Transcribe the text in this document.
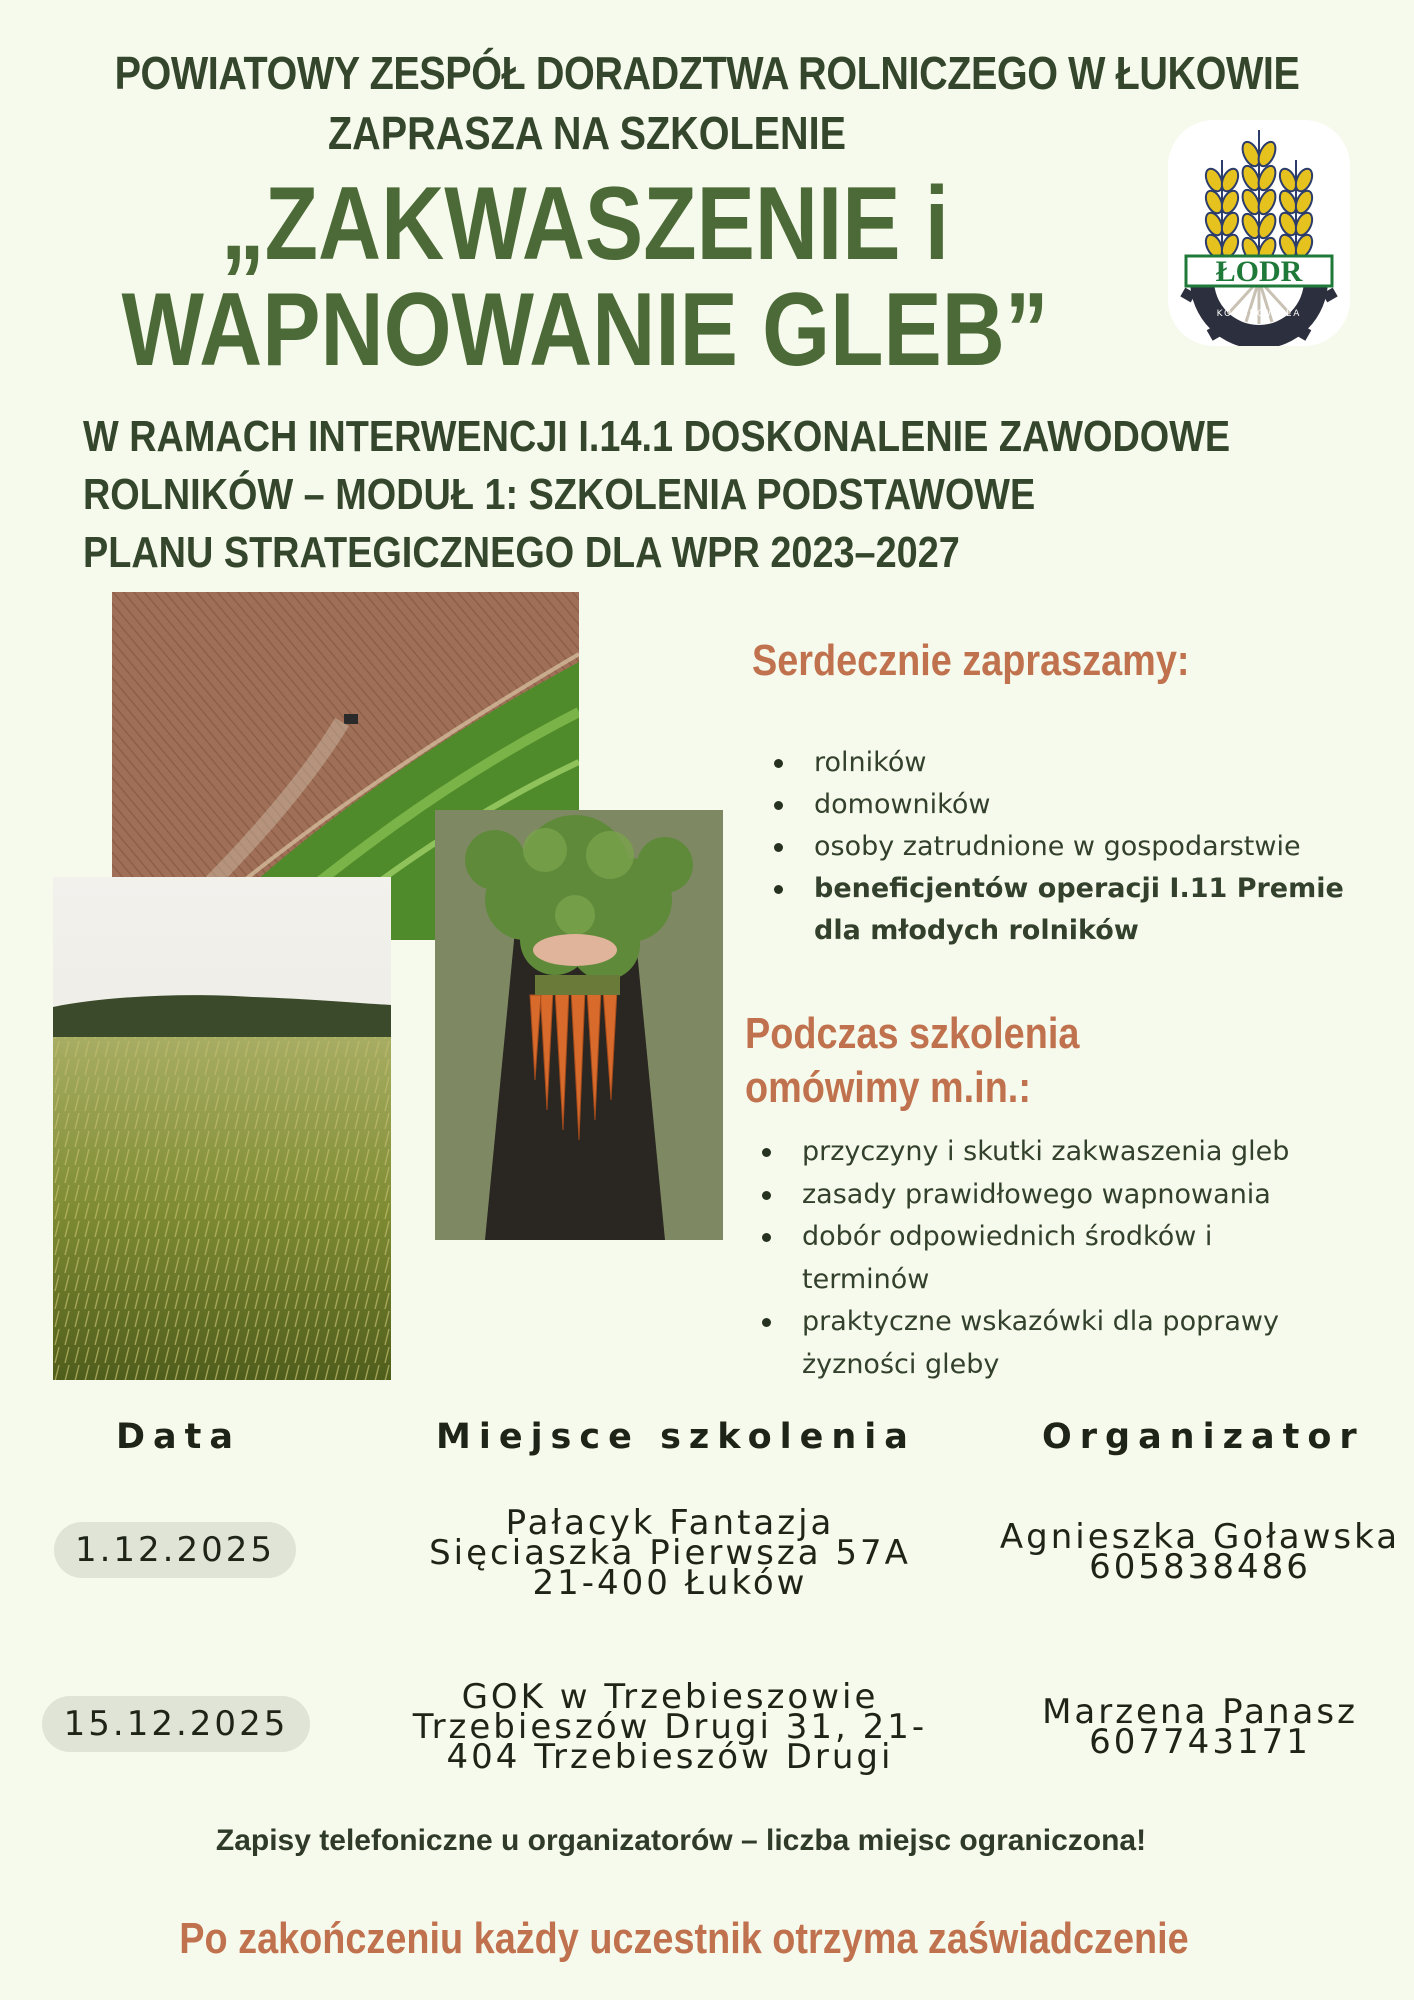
POWIATOWY ZESPÓŁ DORADZTWA ROLNICZEGO W ŁUKOWIE
ZAPRASZA NA SZKOLENIE
„ZAKWASZENIE i
WAPNOWANIE GLEB”
W RAMACH INTERWENCJI I.14.1 DOSKONALENIE ZAWODOWE
ROLNIKÓW – MODUŁ 1: SZKOLENIA PODSTAWOWE
PLANU STRATEGICZNEGO DLA WPR 2023–2027
ŁODR
KOŃSKOWOLA
Serdecznie zapraszamy:
rolników
domowników
osoby zatrudnione w gospodarstwie
beneficjentów operacji I.11 Premie dla młodych rolników
Podczas szkolenia
omówimy m.in.:
przyczyny i skutki zakwaszenia gleb
zasady prawidłowego wapnowania
dobór odpowiednich środków i terminów
praktyczne wskazówki dla poprawy żyzności gleby
Data	Miejsce szkolenia	Organizator
1.12.2025
Pałacyk Fantazja
Sięciaszka Pierwsza 57A
21-400 Łuków
Agnieszka Goławska
605838486
15.12.2025
GOK w Trzebieszowie
Trzebieszów Drugi 31, 21-
404 Trzebieszów Drugi
Marzena Panasz
607743171
Zapisy telefoniczne u organizatorów – liczba miejsc ograniczona!
Po zakończeniu każdy uczestnik otrzyma zaświadczenie
